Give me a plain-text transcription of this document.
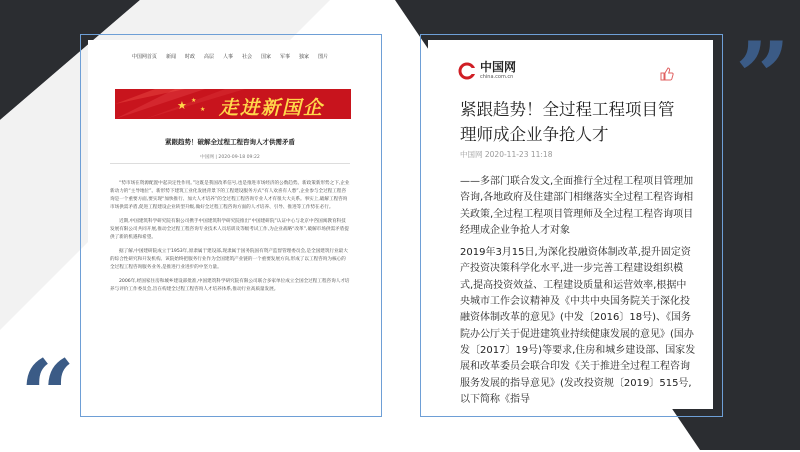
“
”
中国网首页 新闻 时政 高层 人事 社会 国家 军事 独家 图片
★ ★
★ 走进新国企
紧跟趋势！破解全过程工程咨询人才供需矛盾
中国网 | 2020-09-18 09:22

“势市场在资源配置中起决定性作用。”这既是我国改革信号,也是推进市场经济的公数趋势。新政策新形势之下,企业新动力的“主导地位”。新形势下建筑工业化发展背景下的工程建设服务方式“有人欢喜有人愁”,企业参与全过程工程咨询是一个重要方面,要实现“加快推行、加大人才培养”的全过程工程咨询专业人才有很大大关系。事实上,破解工程咨询市场供需矛盾,促进工程建设企业转型升级,做好全过程工程咨询方面的人才培养、引导、推进等工作势在必行。

近期,中国建筑科学研究院有限公司携手中国建筑科学研究院推出“中国建研院”认证中心与北京中咨国寓教育科技发展有限公司共同开展,推动全过程工程咨询专业技术人员培训及等级考试工作,为企业战略“改革”,破解市场供需矛盾提供了新的机遇和希望。

据了解,中国建研院成立于1953年,原隶属于建设部,现隶属于国务院国有资产监督管理委员会,是全国建筑行业最大的综合性研究和开发机构。该院始终把服务行业作为全国建筑产业链的一个重要发展方向,形成了以工程咨询为核心的全过程工程咨询服务业务,是推进行业进步的中坚力量。

2006年,经国家住房和城乡建设部批准,中国建筑科学研究院有限公司联合多家单位成立全国全过程工程咨询人才培养与评价工作委员会,旨在构建全过程工程咨询人才培养体系,推动行业高质量发展。

中国网
china.com.cn
紧跟趋势！全过程工程项目管理师成企业争抢人才
中国网 2020-11-23 11:18

——多部门联合发文,全面推行全过程工程项目管理加咨询,各地政府及住建部门相继落实全过程工程咨询相关政策,全过程工程项目管理师及全过程工程咨询项目经理成企业争抢人才对象

2019年3月15日,为深化投融资体制改革,提升固定资产投资决策科学化水平,进一步完善工程建设组织模式,提高投资效益、工程建设质量和运营效率,根据中央城市工作会议精神及《中共中央国务院关于深化投融资体制改革的意见》(中发〔2016〕18号)、《国务院办公厅关于促进建筑业持续健康发展的意见》(国办发〔2017〕19号)等要求,住房和城乡建设部、国家发展和改革委员会联合印发《关于推进全过程工程咨询服务发展的指导意见》(发改投资规〔2019〕515号,以下简称《指导
